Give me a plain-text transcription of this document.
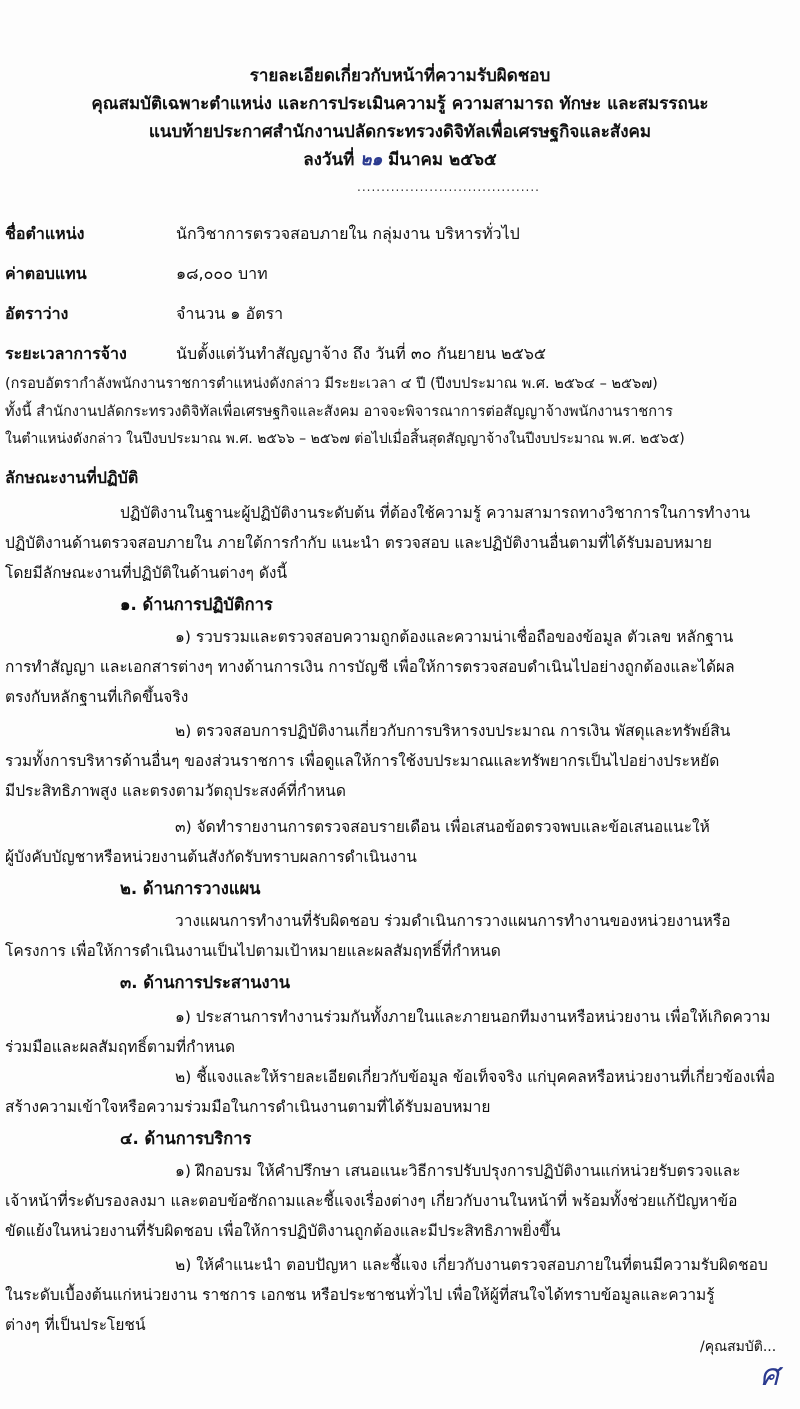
รายละเอียดเกี่ยวกับหน้าที่ความรับผิดชอบ
คุณสมบัติเฉพาะตำแหน่ง และการประเมินความรู้ ความสามารถ ทักษะ และสมรรถนะ
แนบท้ายประกาศสำนักงานปลัดกระทรวงดิจิทัลเพื่อเศรษฐกิจและสังคม
ลงวันที่ ๒๑ มีนาคม ๒๕๖๕
......................................
ชื่อตำแหน่ง	นักวิชาการตรวจสอบภายใน กลุ่มงาน บริหารทั่วไป
ค่าตอบแทน	๑๘,๐๐๐ บาท
อัตราว่าง	จำนวน ๑ อัตรา
ระยะเวลาการจ้าง	นับตั้งแต่วันทำสัญญาจ้าง ถึง วันที่ ๓๐ กันยายน ๒๕๖๕
(กรอบอัตรากำลังพนักงานราชการตำแหน่งดังกล่าว มีระยะเวลา ๔ ปี (ปีงบประมาณ พ.ศ. ๒๕๖๔ – ๒๕๖๗)
ทั้งนี้ สำนักงานปลัดกระทรวงดิจิทัลเพื่อเศรษฐกิจและสังคม อาจจะพิจารณาการต่อสัญญาจ้างพนักงานราชการ
ในตำแหน่งดังกล่าว ในปีงบประมาณ พ.ศ. ๒๕๖๖ – ๒๕๖๗ ต่อไปเมื่อสิ้นสุดสัญญาจ้างในปีงบประมาณ พ.ศ. ๒๕๖๕)
ลักษณะงานที่ปฏิบัติ
ปฏิบัติงานในฐานะผู้ปฏิบัติงานระดับต้น ที่ต้องใช้ความรู้ ความสามารถทางวิชาการในการทำงาน
ปฏิบัติงานด้านตรวจสอบภายใน ภายใต้การกำกับ แนะนำ ตรวจสอบ และปฏิบัติงานอื่นตามที่ได้รับมอบหมาย
โดยมีลักษณะงานที่ปฏิบัติในด้านต่างๆ ดังนี้
๑. ด้านการปฏิบัติการ
๑) รวบรวมและตรวจสอบความถูกต้องและความน่าเชื่อถือของข้อมูล ตัวเลข หลักฐาน
การทำสัญญา และเอกสารต่างๆ ทางด้านการเงิน การบัญชี เพื่อให้การตรวจสอบดำเนินไปอย่างถูกต้องและได้ผล
ตรงกับหลักฐานที่เกิดขึ้นจริง
๒) ตรวจสอบการปฏิบัติงานเกี่ยวกับการบริหารงบประมาณ การเงิน พัสดุและทรัพย์สิน
รวมทั้งการบริหารด้านอื่นๆ ของส่วนราชการ เพื่อดูแลให้การใช้งบประมาณและทรัพยากรเป็นไปอย่างประหยัด
มีประสิทธิภาพสูง และตรงตามวัตถุประสงค์ที่กำหนด
๓) จัดทำรายงานการตรวจสอบรายเดือน เพื่อเสนอข้อตรวจพบและข้อเสนอแนะให้
ผู้บังคับบัญชาหรือหน่วยงานต้นสังกัดรับทราบผลการดำเนินงาน
๒. ด้านการวางแผน
วางแผนการทำงานที่รับผิดชอบ ร่วมดำเนินการวางแผนการทำงานของหน่วยงานหรือ
โครงการ เพื่อให้การดำเนินงานเป็นไปตามเป้าหมายและผลสัมฤทธิ์ที่กำหนด
๓. ด้านการประสานงาน
๑) ประสานการทำงานร่วมกันทั้งภายในและภายนอกทีมงานหรือหน่วยงาน เพื่อให้เกิดความ
ร่วมมือและผลสัมฤทธิ์ตามที่กำหนด
๒) ชี้แจงและให้รายละเอียดเกี่ยวกับข้อมูล ข้อเท็จจริง แก่บุคคลหรือหน่วยงานที่เกี่ยวข้องเพื่อ
สร้างความเข้าใจหรือความร่วมมือในการดำเนินงานตามที่ได้รับมอบหมาย
๔. ด้านการบริการ
๑) ฝึกอบรม ให้คำปรึกษา เสนอแนะวิธีการปรับปรุงการปฏิบัติงานแก่หน่วยรับตรวจและ
เจ้าหน้าที่ระดับรองลงมา และตอบข้อซักถามและชี้แจงเรื่องต่างๆ เกี่ยวกับงานในหน้าที่ พร้อมทั้งช่วยแก้ปัญหาข้อ
ขัดแย้งในหน่วยงานที่รับผิดชอบ เพื่อให้การปฏิบัติงานถูกต้องและมีประสิทธิภาพยิ่งขึ้น
๒) ให้คำแนะนำ ตอบปัญหา และชี้แจง เกี่ยวกับงานตรวจสอบภายในที่ตนมีความรับผิดชอบ
ในระดับเบื้องต้นแก่หน่วยงาน ราชการ เอกชน หรือประชาชนทั่วไป เพื่อให้ผู้ที่สนใจได้ทราบข้อมูลและความรู้
ต่างๆ ที่เป็นประโยชน์
/คุณสมบัติ...
ศ
